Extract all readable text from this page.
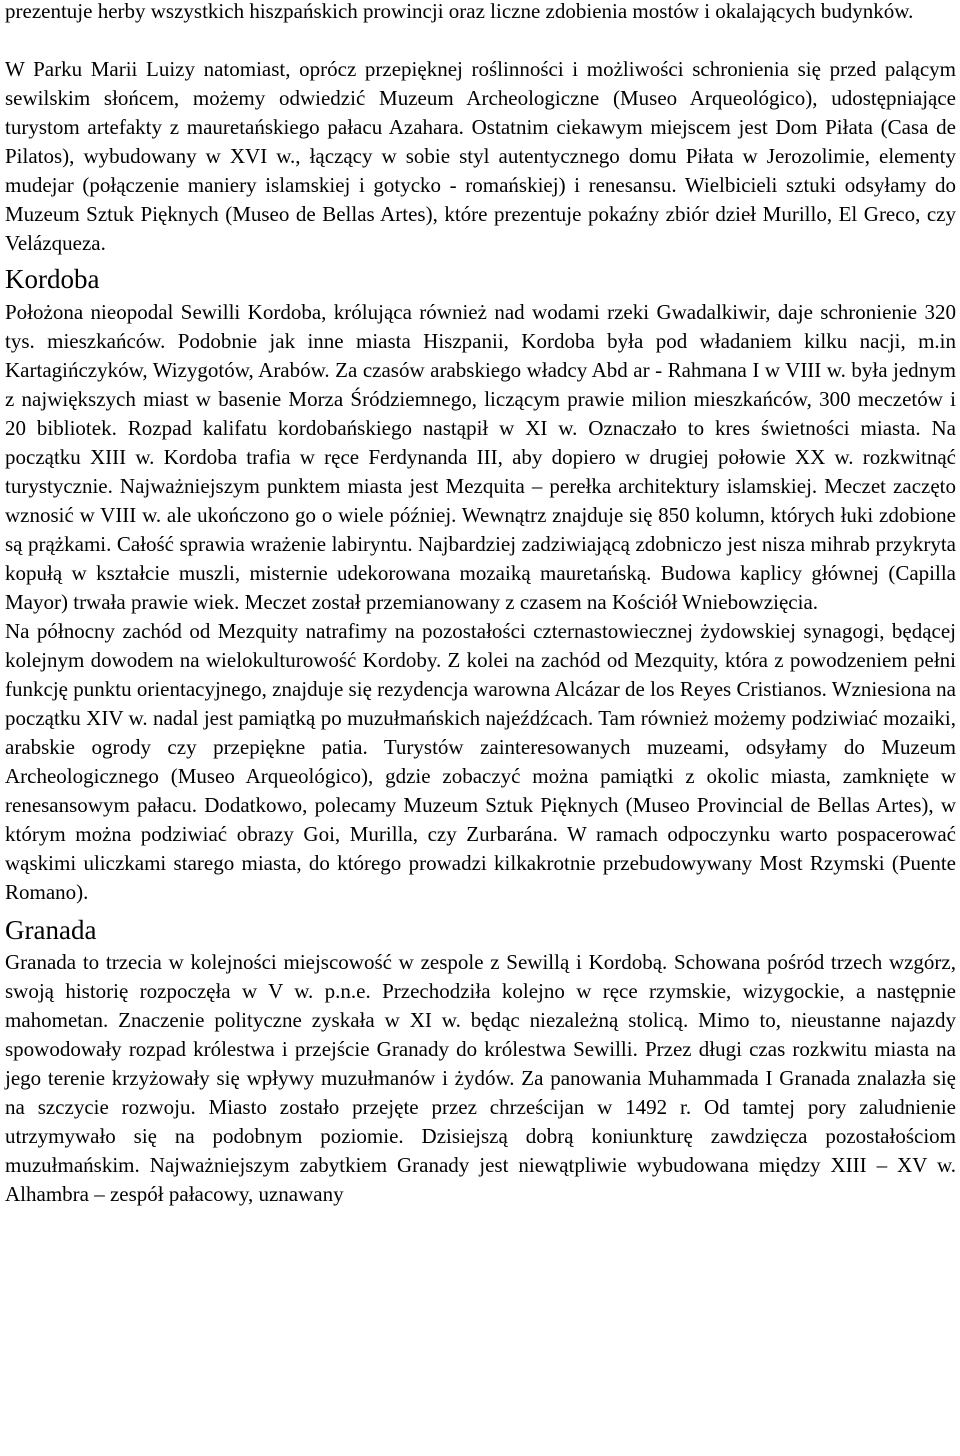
prezentuje herby wszystkich hiszpańskich prowincji oraz liczne zdobienia mostów i okalających budynków.

W Parku Marii Luizy natomiast, oprócz przepięknej roślinności i możliwości schronienia się przed palącym sewilskim słońcem, możemy odwiedzić Muzeum Archeologiczne (Museo Arqueológico), udostępniające turystom artefakty z mauretańskiego pałacu Azahara. Ostatnim ciekawym miejscem jest Dom Piłata (Casa de Pilatos), wybudowany w XVI w., łączący w sobie styl autentycznego domu Piłata w Jerozolimie, elementy mudejar (połączenie maniery islamskiej i gotycko - romańskiej) i renesansu. Wielbicieli sztuki odsyłamy do Muzeum Sztuk Pięknych (Museo de Bellas Artes), które prezentuje pokaźny zbiór dzieł Murillo, El Greco, czy Velázqueza.

Kordoba

Położona nieopodal Sewilli Kordoba, królująca również nad wodami rzeki Gwadalkiwir, daje schronienie 320 tys. mieszkańców. Podobnie jak inne miasta Hiszpanii, Kordoba była pod władaniem kilku nacji, m.in Kartagińczyków, Wizygotów, Arabów. Za czasów arabskiego władcy Abd ar - Rahmana I w VIII w. była jednym z największych miast w basenie Morza Śródziemnego, liczącym prawie milion mieszkańców, 300 meczetów i 20 bibliotek. Rozpad kalifatu kordobańskiego nastąpił w XI w. Oznaczało to kres świetności miasta. Na początku XIII w. Kordoba trafia w ręce Ferdynanda III, aby dopiero w drugiej połowie XX w. rozkwitnąć turystycznie. Najważniejszym punktem miasta jest Mezquita – perełka architektury islamskiej. Meczet zaczęto wznosić w VIII w. ale ukończono go o wiele później. Wewnątrz znajduje się 850 kolumn, których łuki zdobione są prążkami. Całość sprawia wrażenie labiryntu. Najbardziej zadziwiającą zdobniczo jest nisza mihrab przykryta kopułą w kształcie muszli, misternie udekorowana mozaiką mauretańską. Budowa kaplicy głównej (Capilla Mayor) trwała prawie wiek. Meczet został przemianowany z czasem na Kościół Wniebowzięcia.

Na północny zachód od Mezquity natrafimy na pozostałości czternastowiecznej żydowskiej synagogi, będącej kolejnym dowodem na wielokulturowość Kordoby. Z kolei na zachód od Mezquity, która z powodzeniem pełni funkcję punktu orientacyjnego, znajduje się rezydencja warowna Alcázar de los Reyes Cristianos. Wzniesiona na początku XIV w. nadal jest pamiątką po muzułmańskich najeźdźcach. Tam również możemy podziwiać mozaiki, arabskie ogrody czy przepiękne patia. Turystów zainteresowanych muzeami, odsyłamy do Muzeum Archeologicznego (Museo Arqueológico), gdzie zobaczyć można pamiątki z okolic miasta, zamknięte w renesansowym pałacu. Dodatkowo, polecamy Muzeum Sztuk Pięknych (Museo Provincial de Bellas Artes), w którym można podziwiać obrazy Goi, Murilla, czy Zurbarána. W ramach odpoczynku warto pospacerować wąskimi uliczkami starego miasta, do którego prowadzi kilkakrotnie przebudowywany Most Rzymski (Puente Romano).

Granada

Granada to trzecia w kolejności miejscowość w zespole z Sewillą i Kordobą. Schowana pośród trzech wzgórz, swoją historię rozpoczęła w V w. p.n.e. Przechodziła kolejno w ręce rzymskie, wizygockie, a następnie mahometan. Znaczenie polityczne zyskała w XI w. będąc niezależną stolicą. Mimo to, nieustanne najazdy spowodowały rozpad królestwa i przejście Granady do królestwa Sewilli. Przez długi czas rozkwitu miasta na jego terenie krzyżowały się wpływy muzułmanów i żydów. Za panowania Muhammada I Granada znalazła się na szczycie rozwoju. Miasto zostało przejęte przez chrześcijan w 1492 r. Od tamtej pory zaludnienie utrzymywało się na podobnym poziomie. Dzisiejszą dobrą koniunkturę zawdzięcza pozostałościom muzułmańskim. Najważniejszym zabytkiem Granady jest niewątpliwie wybudowana między XIII – XV w. Alhambra – zespół pałacowy, uznawany
